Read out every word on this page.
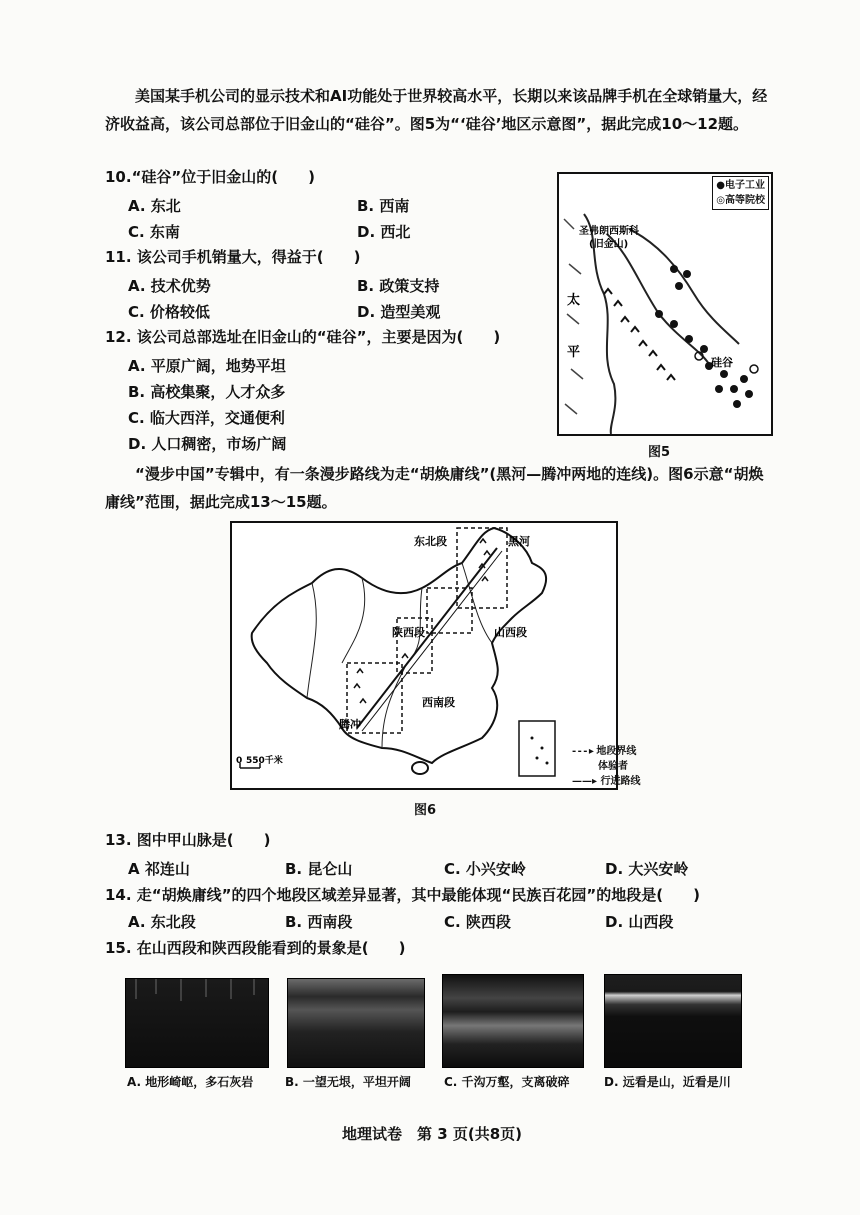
美国某手机公司的显示技术和AI功能处于世界较高水平，长期以来该品牌手机在全球销量大，经济收益高，该公司总部位于旧金山的“硅谷”。图5为“‘硅谷’地区示意图”，据此完成10～12题。
10.“硅谷”位于旧金山的(　　)
A. 东北	B. 西南
C. 东南	D. 西北
11. 该公司手机销量大，得益于(　　)
A. 技术优势	B. 政策支持
C. 价格较低	D. 造型美观
12. 该公司总部选址在旧金山的“硅谷”，主要是因为(　　)
A. 平原广阔，地势平坦
B. 高校集聚，人才众多
C. 临大西洋，交通便利
D. 人口稠密，市场广阔
圣弗朗西斯科
(旧金山)
硅谷
太
平
●电子工业
◎高等院校
图5
“漫步中国”专辑中，有一条漫步路线为走“胡焕庸线”(黑河—腾冲两地的连线)。图6示意“胡焕庸线”范围，据此完成13～15题。
0 550千米
东北段	黑河
陕西段	山西段
西南段
腾冲
- - - ▸ 地段界线
体验者
——▸ 行进路线
图6
13. 图中甲山脉是(　　)
A 祁连山	B. 昆仑山	C. 小兴安岭	D. 大兴安岭
14. 走“胡焕庸线”的四个地段区域差异显著，其中最能体现“民族百花园”的地段是(　　)
A. 东北段	B. 西南段	C. 陕西段	D. 山西段
15. 在山西段和陕西段能看到的景象是(　　)
A. 地形崎岖，多石灰岩	B. 一望无垠，平坦开阔	C. 千沟万壑，支离破碎	D. 远看是山，近看是川
地理试卷　第 3 页(共8页)
